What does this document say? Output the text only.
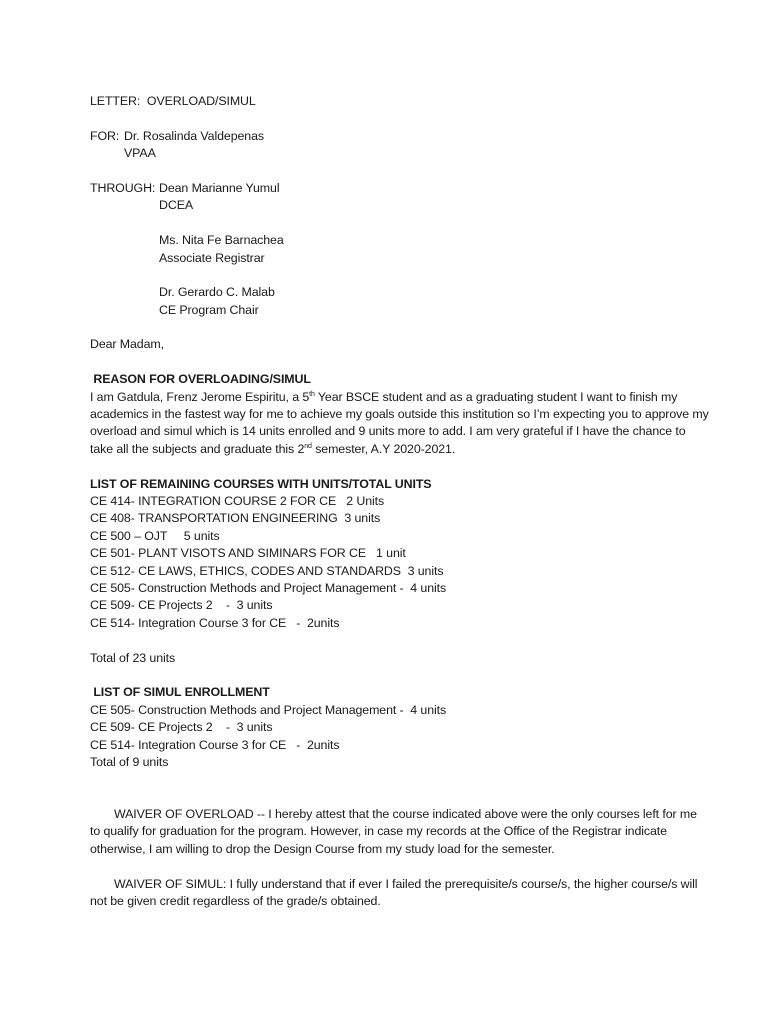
LETTER:  OVERLOAD/SIMUL
FOR: Dr. Rosalinda Valdepenas
VPAA
THROUGH: Dean Marianne Yumul
DCEA
Ms. Nita Fe Barnachea
Associate Registrar
Dr. Gerardo C. Malab
CE Program Chair
Dear Madam,
REASON FOR OVERLOADING/SIMUL
I am Gatdula, Frenz Jerome Espiritu, a 5th Year BSCE student and as a graduating student I want to finish my academics in the fastest way for me to achieve my goals outside this institution so I’m expecting you to approve my overload and simul which is 14 units enrolled and 9 units more to add. I am very grateful if I have the chance to take all the subjects and graduate this 2nd semester, A.Y 2020-2021.
LIST OF REMAINING COURSES WITH UNITS/TOTAL UNITS
CE 414- INTEGRATION COURSE 2 FOR CE   2 Units
CE 408- TRANSPORTATION ENGINEERING  3 units
CE 500 – OJT     5 units
CE 501- PLANT VISOTS AND SIMINARS FOR CE   1 unit
CE 512- CE LAWS, ETHICS, CODES AND STANDARDS  3 units
CE 505- Construction Methods and Project Management -  4 units
CE 509- CE Projects 2    -  3 units
CE 514- Integration Course 3 for CE   -  2units
Total of 23 units
LIST OF SIMUL ENROLLMENT
CE 505- Construction Methods and Project Management -  4 units
CE 509- CE Projects 2    -  3 units
CE 514- Integration Course 3 for CE   -  2units
Total of 9 units
WAIVER OF OVERLOAD -- I hereby attest that the course indicated above were the only courses left for me to qualify for graduation for the program. However, in case my records at the Office of the Registrar indicate otherwise, I am willing to drop the Design Course from my study load for the semester.
WAIVER OF SIMUL: I fully understand that if ever I failed the prerequisite/s course/s, the higher course/s will not be given credit regardless of the grade/s obtained.
